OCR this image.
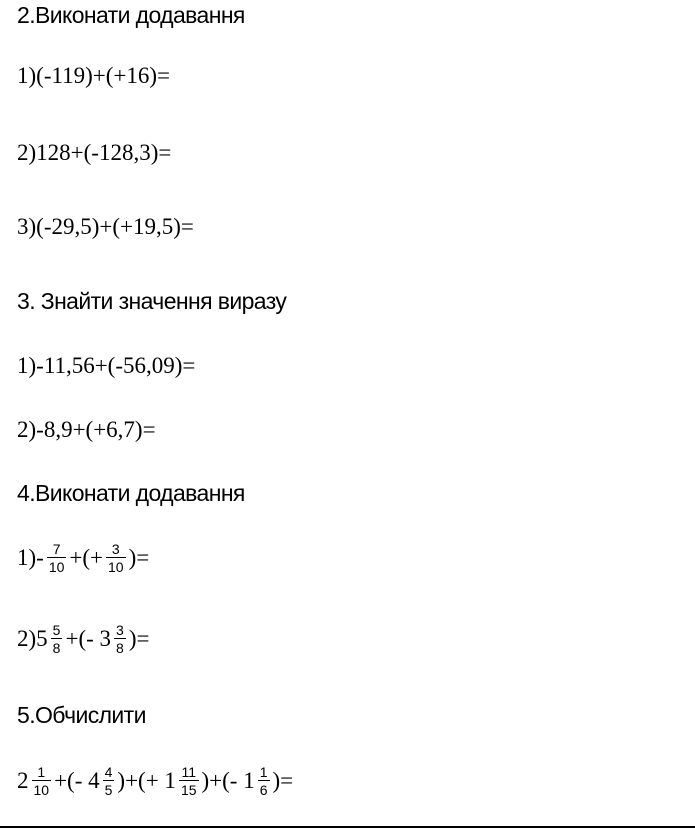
2.Виконати додавання
1)(-119)+(+16)=
2)128+(-128,3)=
3)(-29,5)+(+19,5)=
3. Знайти значення виразу
1)-11,56+(-56,09)=
2)-8,9+(+6,7)=
4.Виконати додавання
$1)- \frac{7}{10}$ +(+ $\frac{3}{10}$ )=
$2)5 \frac{5}{8}$ +(- $3 \frac{3}{8}$ )=
5.Обчислити
$2 \frac{1}{10}$ +(- $4 \frac{4}{5}$ )+(+ $1 \frac{11}{15}$ )+(- $1 \frac{1}{6}$ )=
